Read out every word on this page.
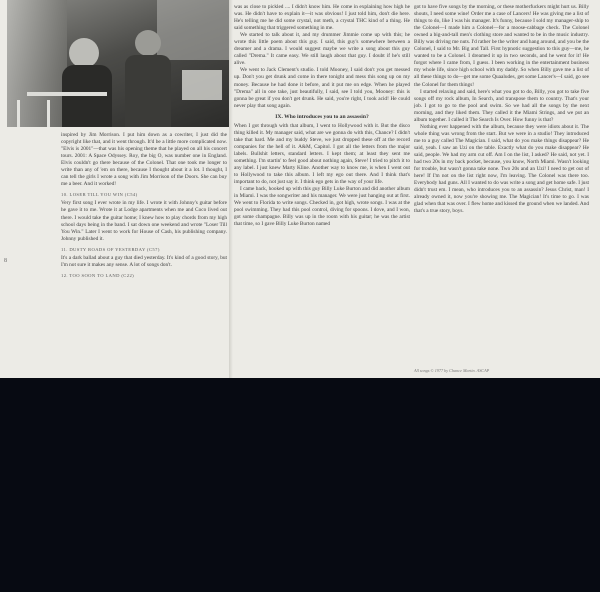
8

inspired by Jim Morrison. I put him down as a cowriter, I just did the copyright like that, and it went through. It'd be a little more complicated now. "Elvis is 2001"—that was his opening theme that he played on all his concert tours. 2001: A Space Odyssey. Roy, the big O, was number one in England. Elvis couldn't go there because of the Colonel. That one took me longer to write than any of 'em on there, because I thought about it a lot. I thought, I can tell the girls I wrote a song with Jim Morrison of the Doors. She can buy me a beer. And it worked!

10. LOSER TILL YOU WIN (C54)

Very first song I ever wrote in my life. I wrote it with Johnny's guitar before he gave it to me. Wrote it at Lodge apartments when me and Coco lived out there. I would take the guitar home; I knew how to play chords from my high school days being in the band. I sat down one weekend and wrote "Loser Till You Win." Later I went to work for House of Cash, his publishing company. Johnny published it.

11. DUSTY ROADS OF YESTERDAY (C57)

It's a dark ballad about a guy that died yesterday. It's kind of a good story, but I'm not sure it makes any sense. A lot of songs don't.

12. TOO SOON TO LAND (C22)

was as close to pickled .... I didn't know him. He come in explaining how high he was. He didn't have to explain it—it was obvious! I just told him, don't die here. He's telling me he did some crystal, not meth, a crystal THC kind of a thing. He said something that triggered something in me.

We started to talk about it, and my drummer Jimmie come up with this; he wrote this little poem about this guy. I said, this guy's somewhere between a dreamer and a drama. I would suggest maybe we write a song about this guy called "Drema." It came easy. We still laugh about that guy. I doubt if he's still alive.

We went to Jack Clement's studio. I told Mooney, I said don't you get messed up. Don't you get drunk and come in there tonight and mess this song up on my money. Because he had done it before, and it put me on edge. When he played "Drema" all in one take, just beautifully, I said, see I told you, Mooney: this is gonna be great if you don't get drunk. He said, you're right, I took acid! He could never play that song again.

IX. Who introduces you to an assassin?

When I got through with that album, I went to Hollywood with it. But the disco thing killed it. My manager said, what are we gonna do with this, Chance? I didn't take that hard. Me and my buddy Steve, we just dropped these off at the record companies for the hell of it. A&M, Capitol. I got all the letters from the major labels. Bullshit letters, standard letters. I kept them; at least they sent me something. I'm startin' to feel good about nothing again, Steve! I tried to pitch it to any label. I just knew Marty Kline. Another way to know me, is when I went out to Hollywood to take this album. I left my ego out there. And I think that's important to do, not just say it. I think ego gets in the way of your life.

I came back, hooked up with this guy Billy Luke Burton and did another album in Miami. I was the songwriter and his manager. We were just hanging out at first. We went to Florida to write songs. Checked in, got high, wrote songs. I was at the pool swimming. They had this pool control, diving for spoons. I dove, and I won, got some champagne. Billy was up in the room with his guitar; he was the artist that time, so I gave Billy Luke Burton named

got to have five songs by the morning, or these motherfuckers might hurt us. Billy shouts, I need some wine! Order me a case of Lancers! He was giving me a list of things to do, like I was his manager. It's funny, because I sold my manager-ship to the Colonel—I made him a Colonel—for a moose-cabbage check. The Colonel owned a big-and-tall men's clothing store and wanted to be in the music industry. Billy was driving me nuts. I'd rather be the writer and hang around, and you be the Colonel, I said to Mr. Big and Tall. First hypnotic suggestion to this guy—me, he wanted to be a Colonel. I dreamed it up in two seconds, and he went for it! He forgot where I came from, I guess. I been working in the entertainment business my whole life, since high school with my daddy. So when Billy gave me a list of all these things to do—get me some Quaaludes, get some Lancer's—I said, go see the Colonel for them things!

I started relaxing and said, here's what you got to do, Billy, you got to take five songs off my rock album, In Search, and transpose them to country. That's your job. I got to go to the pool and swim. So we had all the songs by the next morning, and they liked them. They called it the Miami Strings, and we put an album together. I called it The Search Is Over. How funny is that?

Nothing ever happened with the album, because they were idiots about it. The whole thing was wrong from the start. But we were in a studio! They introduced me to a guy called The Magician. I said, what do you make things disappear? He said, yeah. I saw an Uzi on the table. Exactly what do you make disappear? He said, people. We had my arm cut off. Am I on the list, I asked? He said, not yet. I had two 20s in my back pocket, because, you know, North Miami. Wasn't looking for trouble, but wasn't gonna take none. Two 20s and an Uzi! I need to get out of here! If I'm not on the list right now, I'm leaving. The Colonel was there too. Everybody had guns. All I wanted to do was write a song and get home safe. I just didn't trust em. I mean, who introduces you to an assassin? Jesus Christ, man! I already owned it, now you're showing me. The Magician! It's time to go. I was glad when that was over. I flew home and kissed the ground when we landed. And that's a true story, boys.

All songs © 1977 by Chance Martin. ASCAP
